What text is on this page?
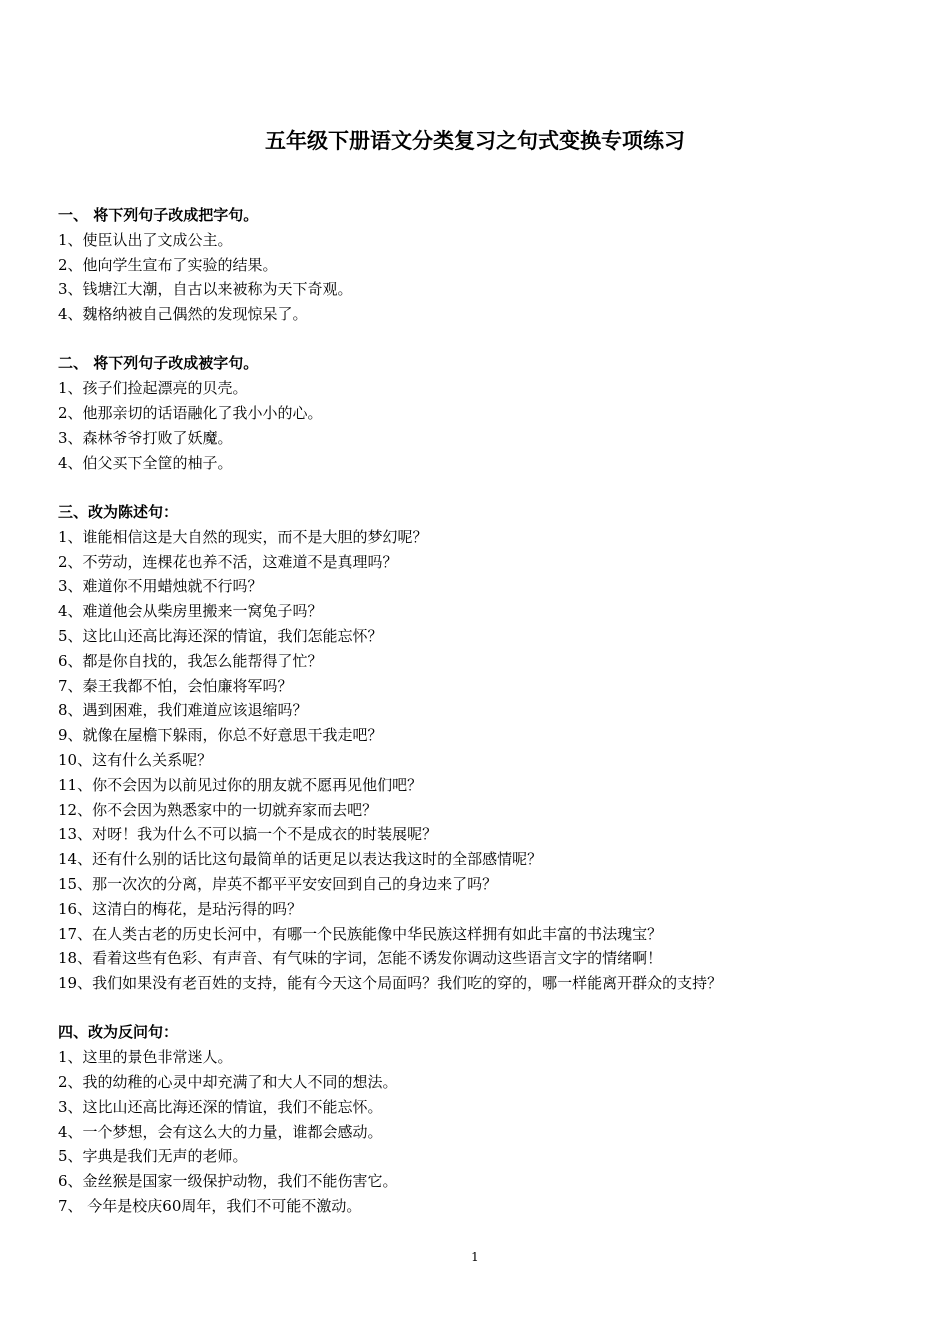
五年级下册语文分类复习之句式变换专项练习
一、 将下列句子改成把字句。
1、使臣认出了文成公主。
2、他向学生宣布了实验的结果。
3、钱塘江大潮，自古以来被称为天下奇观。
4、魏格纳被自己偶然的发现惊呆了。
二、 将下列句子改成被字句。
1、孩子们捡起漂亮的贝壳。
2、他那亲切的话语融化了我小小的心。
3、森林爷爷打败了妖魔。
4、伯父买下全筐的柚子。
三、改为陈述句：
1、谁能相信这是大自然的现实，而不是大胆的梦幻呢？
2、不劳动，连棵花也养不活，这难道不是真理吗？
3、难道你不用蜡烛就不行吗？
4、难道他会从柴房里搬来一窝兔子吗？
5、这比山还高比海还深的情谊，我们怎能忘怀？
6、都是你自找的，我怎么能帮得了忙？
7、秦王我都不怕，会怕廉将军吗？
8、遇到困难，我们难道应该退缩吗？
9、就像在屋檐下躲雨，你总不好意思干我走吧？
10、这有什么关系呢？
11、你不会因为以前见过你的朋友就不愿再见他们吧？
12、你不会因为熟悉家中的一切就弃家而去吧？
13、对呀！我为什么不可以搞一个不是成衣的时装展呢？
14、还有什么别的话比这句最简单的话更足以表达我这时的全部感情呢？
15、那一次次的分离，岸英不都平平安安回到自己的身边来了吗？
16、这清白的梅花，是玷污得的吗？
17、在人类古老的历史长河中，有哪一个民族能像中华民族这样拥有如此丰富的书法瑰宝？
18、看着这些有色彩、有声音、有气味的字词，怎能不诱发你调动这些语言文字的情绪啊！
19、我们如果没有老百姓的支持，能有今天这个局面吗？我们吃的穿的，哪一样能离开群众的支持？
四、改为反问句：
1、这里的景色非常迷人。
2、我的幼稚的心灵中却充满了和大人不同的想法。
3、这比山还高比海还深的情谊，我们不能忘怀。
4、一个梦想，会有这么大的力量，谁都会感动。
5、字典是我们无声的老师。
6、金丝猴是国家一级保护动物，我们不能伤害它。
7、 今年是校庆60周年，我们不可能不激动。
1
